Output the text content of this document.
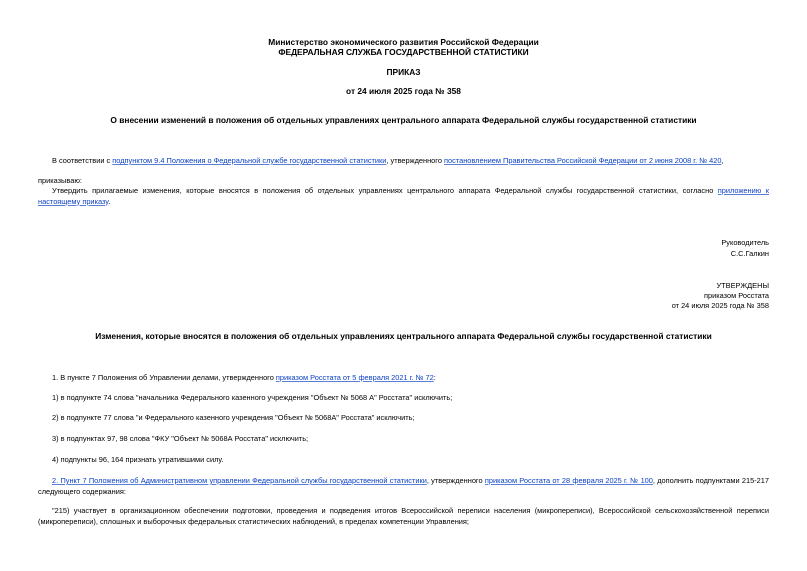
Министерство экономического развития Российской Федерации
ФЕДЕРАЛЬНАЯ СЛУЖБА ГОСУДАРСТВЕННОЙ СТАТИСТИКИ
ПРИКАЗ
от 24 июля 2025 года № 358
О внесении изменений в положения об отдельных управлениях центрального аппарата Федеральной службы государственной статистики
В соответствии с подпунктом 9.4 Положения о Федеральной службе государственной статистики, утвержденного постановлением Правительства Российской Федерации от 2 июня 2008 г. № 420,
приказываю:
Утвердить прилагаемые изменения, которые вносятся в положения об отдельных управлениях центрального аппарата Федеральной службы государственной статистики, согласно приложению к настоящему приказу.
Руководитель
С.С.Галкин
УТВЕРЖДЕНЫ
приказом Росстата
от 24 июля 2025 года № 358
Изменения, которые вносятся в положения об отдельных управлениях центрального аппарата Федеральной службы государственной статистики
1. В пункте 7 Положения об Управлении делами, утвержденного приказом Росстата от 5 февраля 2021 г. № 72:
1) в подпункте 74 слова "начальника Федерального казенного учреждения "Объект № 5068 А" Росстата" исключить;
2) в подпункте 77 слова "и Федерального казенного учреждения "Объект № 5068А" Росстата" исключить;
3) в подпунктах 97, 98 слова "ФКУ "Объект № 5068А Росстата" исключить;
4) подпункты 96, 164 признать утратившими силу.
2. Пункт 7 Положения об Административном управлении Федеральной службы государственной статистики, утвержденного приказом Росстата от 28 февраля 2025 г. № 100, дополнить подпунктами 215-217 следующего содержания:
"215) участвует в организационном обеспечении подготовки, проведения и подведения итогов Всероссийской переписи населения (микропереписи), Всероссийской сельскохозяйственной переписи (микропереписи), сплошных и выборочных федеральных статистических наблюдений, в пределах компетенции Управления;
